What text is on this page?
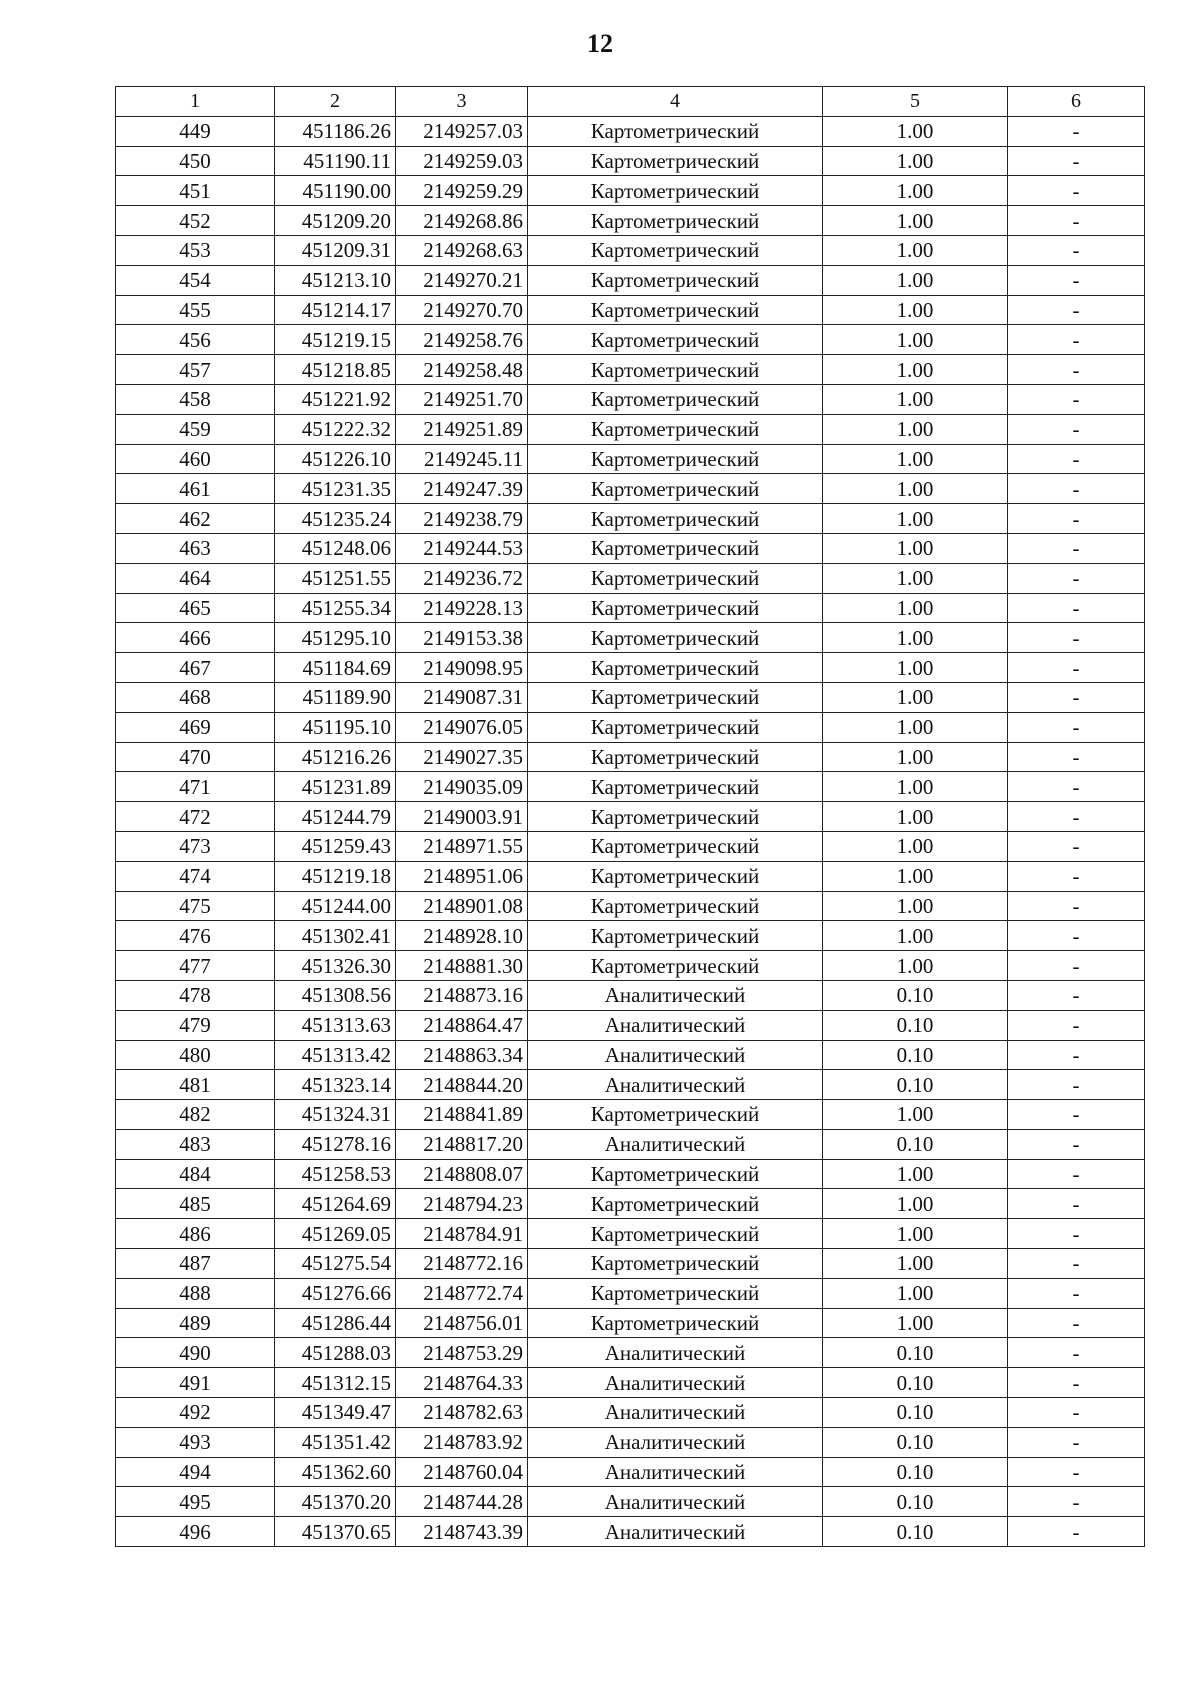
12
1	2	3	4	5	6
449	451186.26	2149257.03	Картометрический	1.00	-
450	451190.11	2149259.03	Картометрический	1.00	-
451	451190.00	2149259.29	Картометрический	1.00	-
452	451209.20	2149268.86	Картометрический	1.00	-
453	451209.31	2149268.63	Картометрический	1.00	-
454	451213.10	2149270.21	Картометрический	1.00	-
455	451214.17	2149270.70	Картометрический	1.00	-
456	451219.15	2149258.76	Картометрический	1.00	-
457	451218.85	2149258.48	Картометрический	1.00	-
458	451221.92	2149251.70	Картометрический	1.00	-
459	451222.32	2149251.89	Картометрический	1.00	-
460	451226.10	2149245.11	Картометрический	1.00	-
461	451231.35	2149247.39	Картометрический	1.00	-
462	451235.24	2149238.79	Картометрический	1.00	-
463	451248.06	2149244.53	Картометрический	1.00	-
464	451251.55	2149236.72	Картометрический	1.00	-
465	451255.34	2149228.13	Картометрический	1.00	-
466	451295.10	2149153.38	Картометрический	1.00	-
467	451184.69	2149098.95	Картометрический	1.00	-
468	451189.90	2149087.31	Картометрический	1.00	-
469	451195.10	2149076.05	Картометрический	1.00	-
470	451216.26	2149027.35	Картометрический	1.00	-
471	451231.89	2149035.09	Картометрический	1.00	-
472	451244.79	2149003.91	Картометрический	1.00	-
473	451259.43	2148971.55	Картометрический	1.00	-
474	451219.18	2148951.06	Картометрический	1.00	-
475	451244.00	2148901.08	Картометрический	1.00	-
476	451302.41	2148928.10	Картометрический	1.00	-
477	451326.30	2148881.30	Картометрический	1.00	-
478	451308.56	2148873.16	Аналитический	0.10	-
479	451313.63	2148864.47	Аналитический	0.10	-
480	451313.42	2148863.34	Аналитический	0.10	-
481	451323.14	2148844.20	Аналитический	0.10	-
482	451324.31	2148841.89	Картометрический	1.00	-
483	451278.16	2148817.20	Аналитический	0.10	-
484	451258.53	2148808.07	Картометрический	1.00	-
485	451264.69	2148794.23	Картометрический	1.00	-
486	451269.05	2148784.91	Картометрический	1.00	-
487	451275.54	2148772.16	Картометрический	1.00	-
488	451276.66	2148772.74	Картометрический	1.00	-
489	451286.44	2148756.01	Картометрический	1.00	-
490	451288.03	2148753.29	Аналитический	0.10	-
491	451312.15	2148764.33	Аналитический	0.10	-
492	451349.47	2148782.63	Аналитический	0.10	-
493	451351.42	2148783.92	Аналитический	0.10	-
494	451362.60	2148760.04	Аналитический	0.10	-
495	451370.20	2148744.28	Аналитический	0.10	-
496	451370.65	2148743.39	Аналитический	0.10	-
